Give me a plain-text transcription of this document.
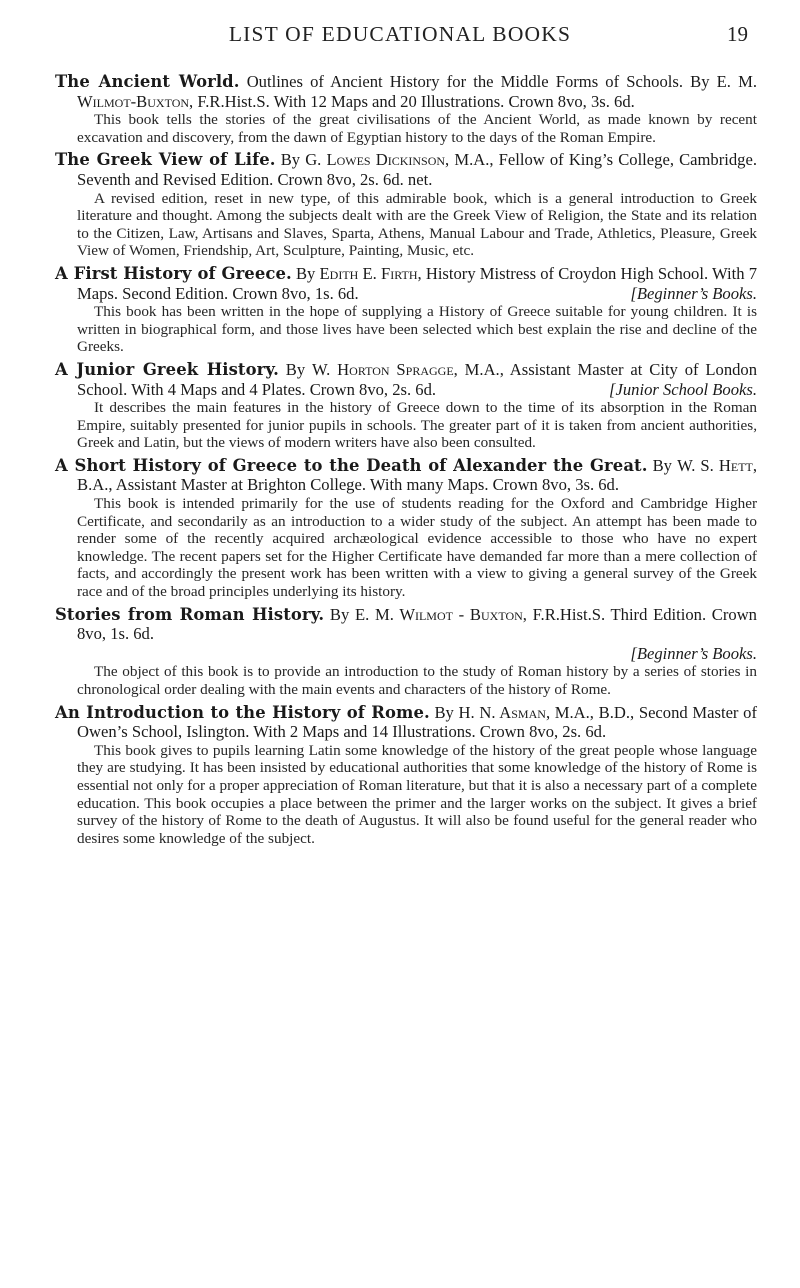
LIST OF EDUCATIONAL BOOKS	19

The Ancient World. Outlines of Ancient History for the Middle Forms of Schools. By E. M. Wilmot-Buxton, F.R.Hist.S. With 12 Maps and 20 Illustrations. Crown 8vo, 3s. 6d.

This book tells the stories of the great civilisations of the Ancient World, as made known by recent excavation and discovery, from the dawn of Egyptian history to the days of the Roman Empire.

The Greek View of Life. By G. Lowes Dickinson, M.A., Fellow of King’s College, Cambridge. Seventh and Revised Edition. Crown 8vo, 2s. 6d. net.

A revised edition, reset in new type, of this admirable book, which is a general introduction to Greek literature and thought. Among the subjects dealt with are the Greek View of Religion, the State and its relation to the Citizen, Law, Artisans and Slaves, Sparta, Athens, Manual Labour and Trade, Athletics, Pleasure, Greek View of Women, Friendship, Art, Sculpture, Painting, Music, etc.

A First History of Greece. By Edith E. Firth, History Mistress of Croydon High School. With 7 Maps. Second Edition. Crown 8vo, 1s. 6d.	[Beginner’s Books.

This book has been written in the hope of supplying a History of Greece suitable for young children. It is written in biographical form, and those lives have been selected which best explain the rise and decline of the Greeks.

A Junior Greek History. By W. Horton Spragge, M.A., Assistant Master at City of London School. With 4 Maps and 4 Plates. Crown 8vo, 2s. 6d.	[Junior School Books.

It describes the main features in the history of Greece down to the time of its absorption in the Roman Empire, suitably presented for junior pupils in schools. The greater part of it is taken from ancient authorities, Greek and Latin, but the views of modern writers have also been consulted.

A Short History of Greece to the Death of Alexander the Great. By W. S. Hett, B.A., Assistant Master at Brighton College. With many Maps. Crown 8vo, 3s. 6d.

This book is intended primarily for the use of students reading for the Oxford and Cambridge Higher Certificate, and secondarily as an introduction to a wider study of the subject. An attempt has been made to render some of the recently acquired archæological evidence accessible to those who have no expert knowledge. The recent papers set for the Higher Certificate have demanded far more than a mere collection of facts, and accordingly the present work has been written with a view to giving a general survey of the Greek race and of the broad principles underlying its history.

Stories from Roman History. By E. M. Wilmot - Buxton, F.R.Hist.S. Third Edition. Crown 8vo, 1s. 6d.
[Beginner’s Books.

The object of this book is to provide an introduction to the study of Roman history by a series of stories in chronological order dealing with the main events and characters of the history of Rome.

An Introduction to the History of Rome. By H. N. Asman, M.A., B.D., Second Master of Owen’s School, Islington. With 2 Maps and 14 Illustrations. Crown 8vo, 2s. 6d.

This book gives to pupils learning Latin some knowledge of the history of the great people whose language they are studying. It has been insisted by educational authorities that some knowledge of the history of Rome is essential not only for a proper appreciation of Roman literature, but that it is also a necessary part of a complete education. This book occupies a place between the primer and the larger works on the subject. It gives a brief survey of the history of Rome to the death of Augustus. It will also be found useful for the general reader who desires some knowledge of the subject.
